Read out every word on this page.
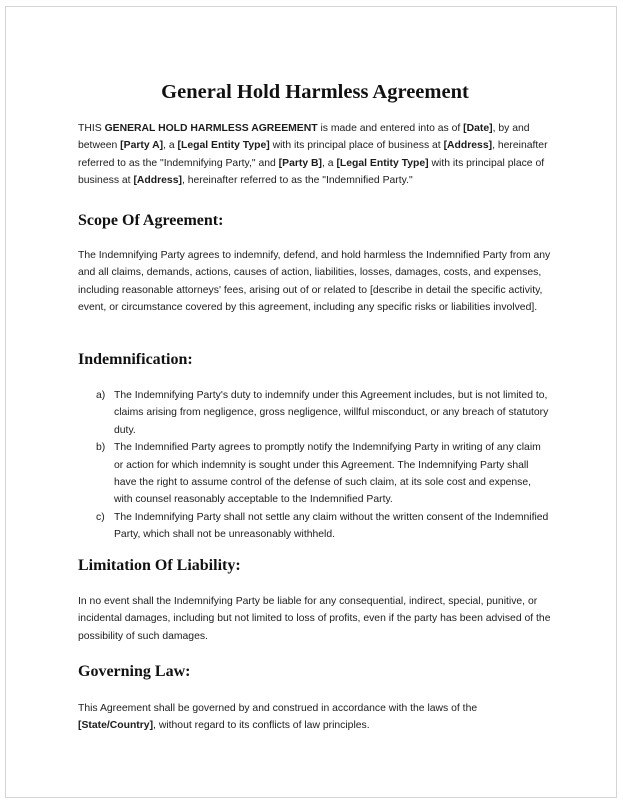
General Hold Harmless Agreement

THIS GENERAL HOLD HARMLESS AGREEMENT is made and entered into as of [Date], by and between [Party A], a [Legal Entity Type] with its principal place of business at [Address], hereinafter referred to as the "Indemnifying Party," and [Party B], a [Legal Entity Type] with its principal place of business at [Address], hereinafter referred to as the "Indemnified Party."

Scope Of Agreement:

The Indemnifying Party agrees to indemnify, defend, and hold harmless the Indemnified Party from any and all claims, demands, actions, causes of action, liabilities, losses, damages, costs, and expenses, including reasonable attorneys' fees, arising out of or related to [describe in detail the specific activity, event, or circumstance covered by this agreement, including any specific risks or liabilities involved].

Indemnification:
a) The Indemnifying Party's duty to indemnify under this Agreement includes, but is not limited to, claims arising from negligence, gross negligence, willful misconduct, or any breach of statutory duty.
b) The Indemnified Party agrees to promptly notify the Indemnifying Party in writing of any claim or action for which indemnity is sought under this Agreement. The Indemnifying Party shall have the right to assume control of the defense of such claim, at its sole cost and expense, with counsel reasonably acceptable to the Indemnified Party.
c) The Indemnifying Party shall not settle any claim without the written consent of the Indemnified Party, which shall not be unreasonably withheld.
Limitation Of Liability:

In no event shall the Indemnifying Party be liable for any consequential, indirect, special, punitive, or incidental damages, including but not limited to loss of profits, even if the party has been advised of the possibility of such damages.

Governing Law:

This Agreement shall be governed by and construed in accordance with the laws of the [State/Country], without regard to its conflicts of law principles.
